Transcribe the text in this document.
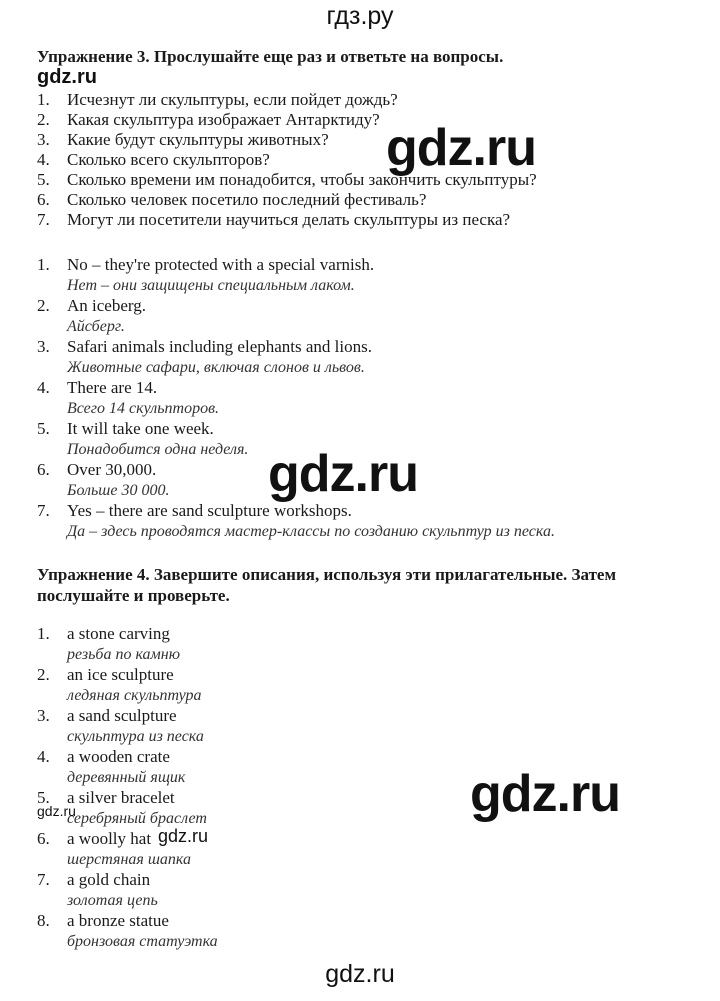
гдз.ру
Упражнение 3. Прослушайте еще раз и ответьте на вопросы.
gdz.ru
1. Исчезнут ли скульптуры, если пойдет дождь?
2. Какая скульптура изображает Антарктиду?
3. Какие будут скульптуры животных?
4. Сколько всего скульпторов?
5. Сколько времени им понадобится, чтобы закончить скульптуры?
6. Сколько человек посетило последний фестиваль?
7. Могут ли посетители научиться делать скульптуры из песка?
gdz.ru
1. No – they're protected with a special varnish.
Нет – они защищены специальным лаком.
2. An iceberg.
Айсберг.
3. Safari animals including elephants and lions.
Животные сафари, включая слонов и львов.
4. There are 14.
Всего 14 скульпторов.
5. It will take one week.
Понадобится одна неделя.
6. Over 30,000.
Больше 30 000.
7. Yes – there are sand sculpture workshops.
Да – здесь проводятся мастер-классы по созданию скульптур из песка.
gdz.ru
Упражнение 4. Завершите описания, используя эти прилагательные. Затем
послушайте и проверьте.
1. a stone carving
резьба по камню
2. an ice sculpture
ледяная скульптура
3. a sand sculpture
скульптура из песка
4. a wooden crate
деревянный ящик
5. a silver bracelet
серебряный браслет
6. a woolly hat
шерстяная шапка
7. a gold chain
золотая цепь
8. a bronze statue
бронзовая статуэтка
gdz.ru
gdz.ru
gdz.ru
gdz.ru
